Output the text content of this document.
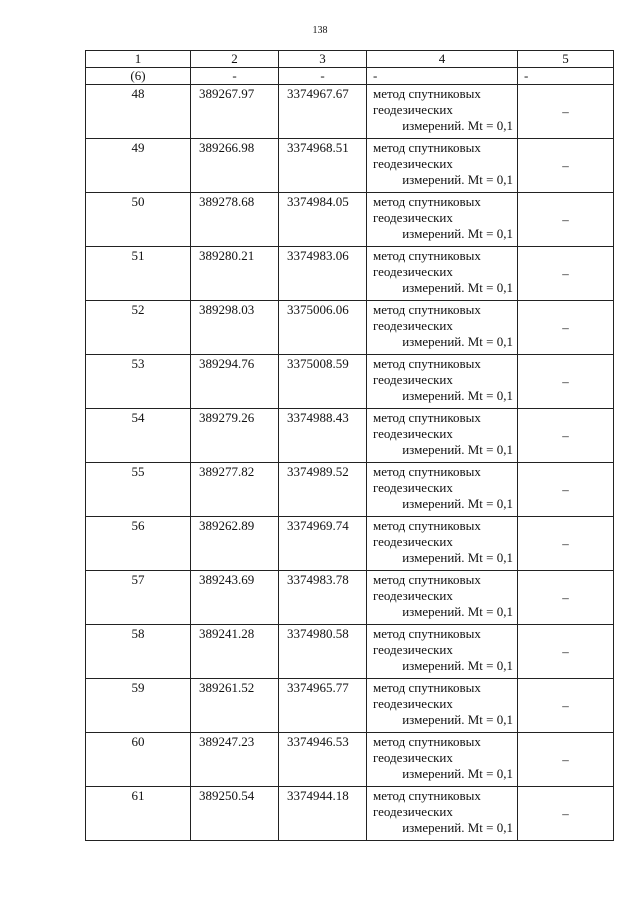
138
1	2	3	4	5
(6)	-	-	-	-
48	389267.97	3374967.67	метод спутниковых
геодезических
измерений. Mt = 0,1	–
49	389266.98	3374968.51	метод спутниковых
геодезических
измерений. Mt = 0,1	–
50	389278.68	3374984.05	метод спутниковых
геодезических
измерений. Mt = 0,1	–
51	389280.21	3374983.06	метод спутниковых
геодезических
измерений. Mt = 0,1	–
52	389298.03	3375006.06	метод спутниковых
геодезических
измерений. Mt = 0,1	–
53	389294.76	3375008.59	метод спутниковых
геодезических
измерений. Mt = 0,1	–
54	389279.26	3374988.43	метод спутниковых
геодезических
измерений. Mt = 0,1	–
55	389277.82	3374989.52	метод спутниковых
геодезических
измерений. Mt = 0,1	–
56	389262.89	3374969.74	метод спутниковых
геодезических
измерений. Mt = 0,1	–
57	389243.69	3374983.78	метод спутниковых
геодезических
измерений. Mt = 0,1	–
58	389241.28	3374980.58	метод спутниковых
геодезических
измерений. Mt = 0,1	–
59	389261.52	3374965.77	метод спутниковых
геодезических
измерений. Mt = 0,1	–
60	389247.23	3374946.53	метод спутниковых
геодезических
измерений. Mt = 0,1	–
61	389250.54	3374944.18	метод спутниковых
геодезических
измерений. Mt = 0,1	–
